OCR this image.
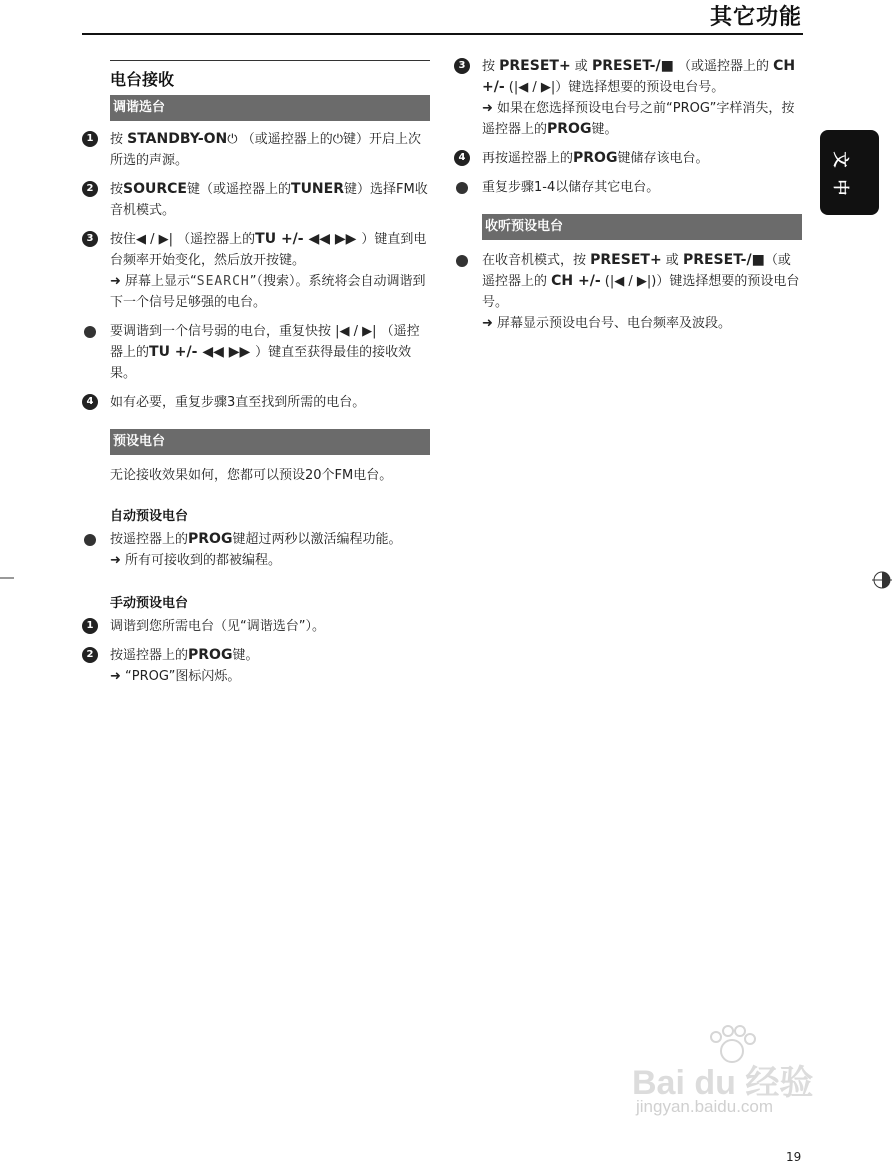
其它功能
文
中
电台接收
调谐选台
1	按 STANDBY-ON⏻ （或遥控器上的⏻键）开启上次所选的声源。
2	按SOURCE键（或遥控器上的TUNER键）选择FM收音机模式。
3	按住◀ / ▶| （遥控器上的TU +/- ◀◀ ▶▶ ）键直到电台频率开始变化，然后放开按键。
➜ 屏幕上显示“SEARCH”（搜索）。系统将会自动调谐到下一个信号足够强的电台。
要调谐到一个信号弱的电台，重复快按 |◀ / ▶| （遥控器上的TU +/- ◀◀ ▶▶ ）键直至获得最佳的接收效果。
4	如有必要，重复步骤3直至找到所需的电台。
预设电台
无论接收效果如何，您都可以预设20个FM电台。
自动预设电台
按遥控器上的PROG键超过两秒以激活编程功能。
➜ 所有可接收到的都被编程。
手动预设电台
1	调谐到您所需电台（见“调谐选台”）。
2	按遥控器上的PROG键。
➜ “PROG”图标闪烁。
3	按 PRESET+ 或 PRESET-/■ （或遥控器上的 CH +/- (|◀ / ▶|）键选择想要的预设电台号。
➜ 如果在您选择预设电台号之前“PROG”字样消失，按遥控器上的PROG键。
4	再按遥控器上的PROG键储存该电台。
重复步骤1-4以储存其它电台。
收听预设电台
在收音机模式，按 PRESET+ 或 PRESET-/■（或遥控器上的 CH +/- (|◀ / ▶|)）键选择想要的预设电台号。
➜ 屏幕显示预设电台号、电台频率及波段。
Bai du 经验
jingyan.baidu.com
19
